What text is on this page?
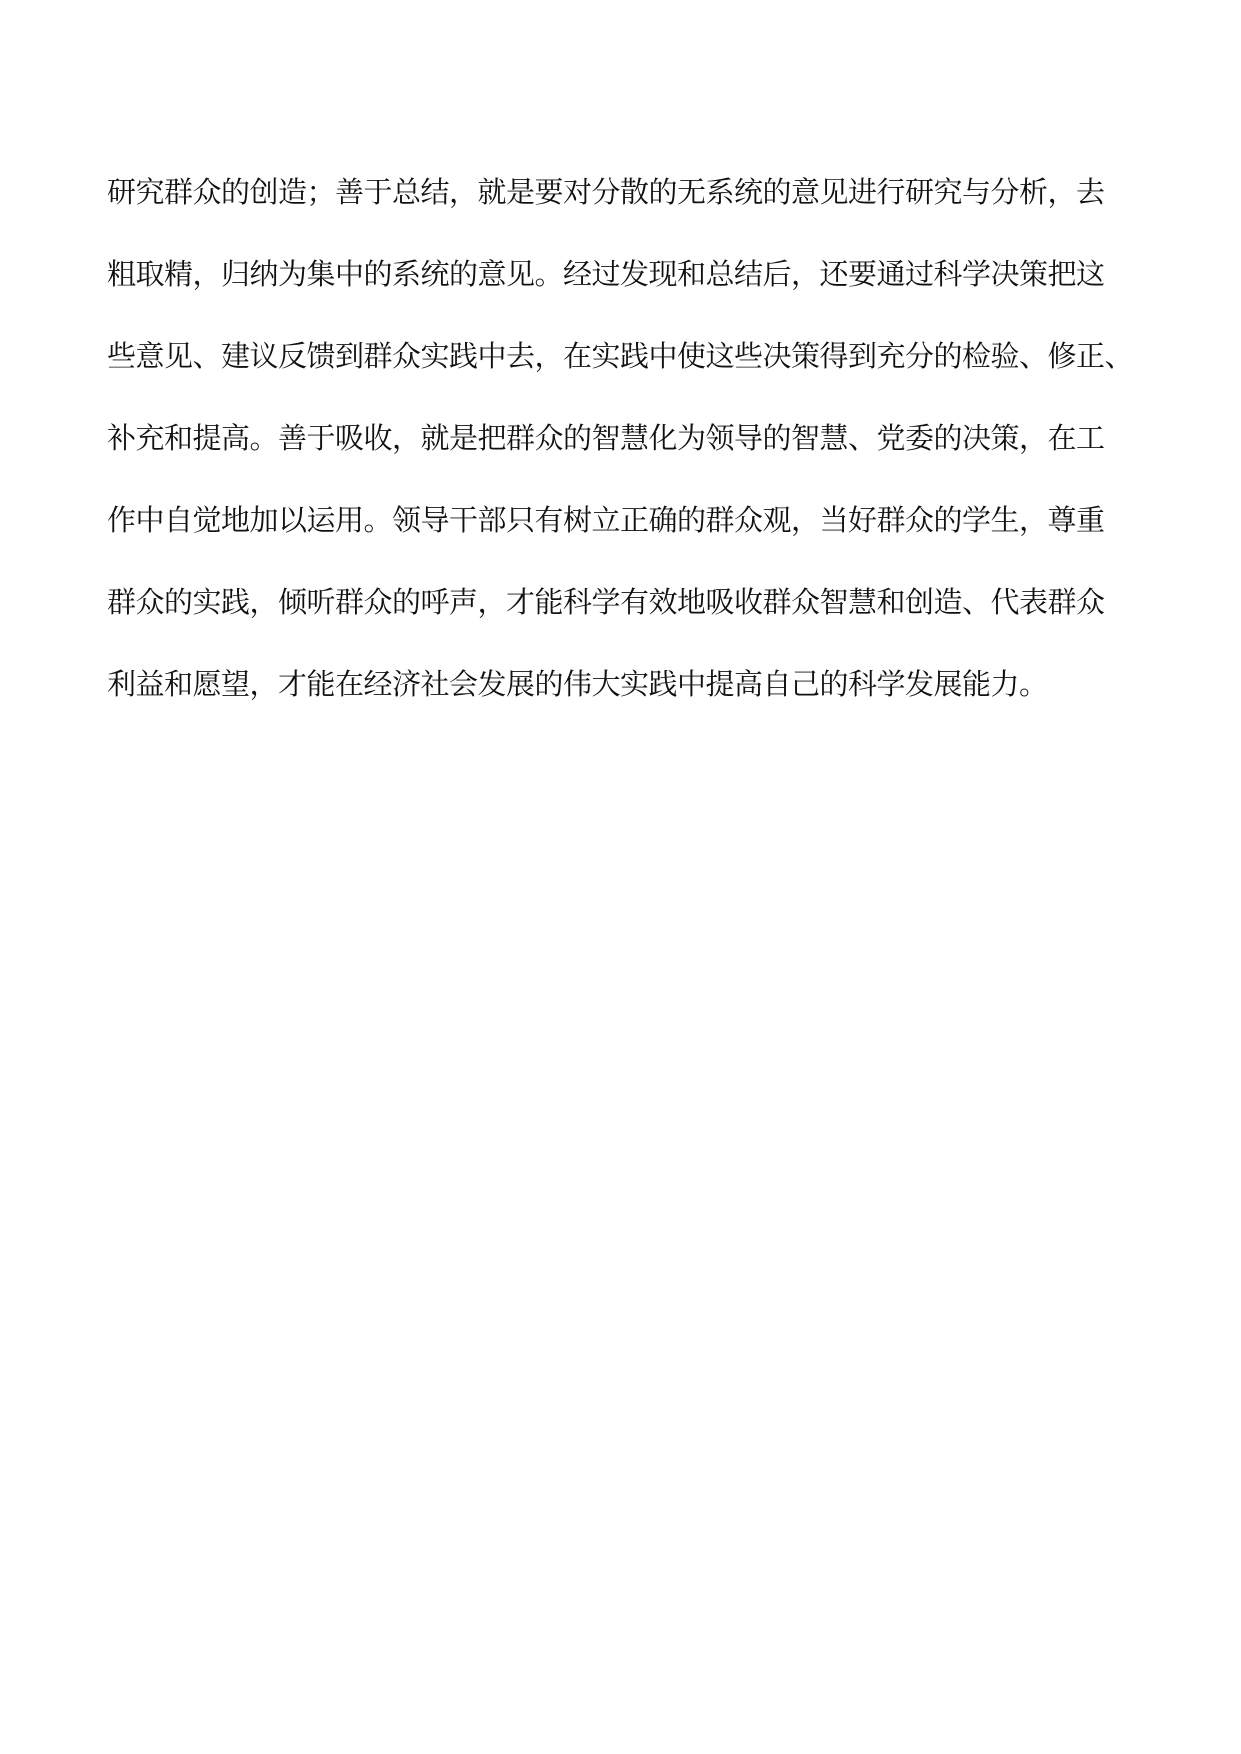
研究群众的创造；善于总结，就是要对分散的无系统的意见进行研究与分析，去
粗取精，归纳为集中的系统的意见。经过发现和总结后，还要通过科学决策把这
些意见、建议反馈到群众实践中去，在实践中使这些决策得到充分的检验、修正、
补充和提高。善于吸收，就是把群众的智慧化为领导的智慧、党委的决策，在工
作中自觉地加以运用。领导干部只有树立正确的群众观，当好群众的学生，尊重
群众的实践，倾听群众的呼声，才能科学有效地吸收群众智慧和创造、代表群众
利益和愿望，才能在经济社会发展的伟大实践中提高自己的科学发展能力。
